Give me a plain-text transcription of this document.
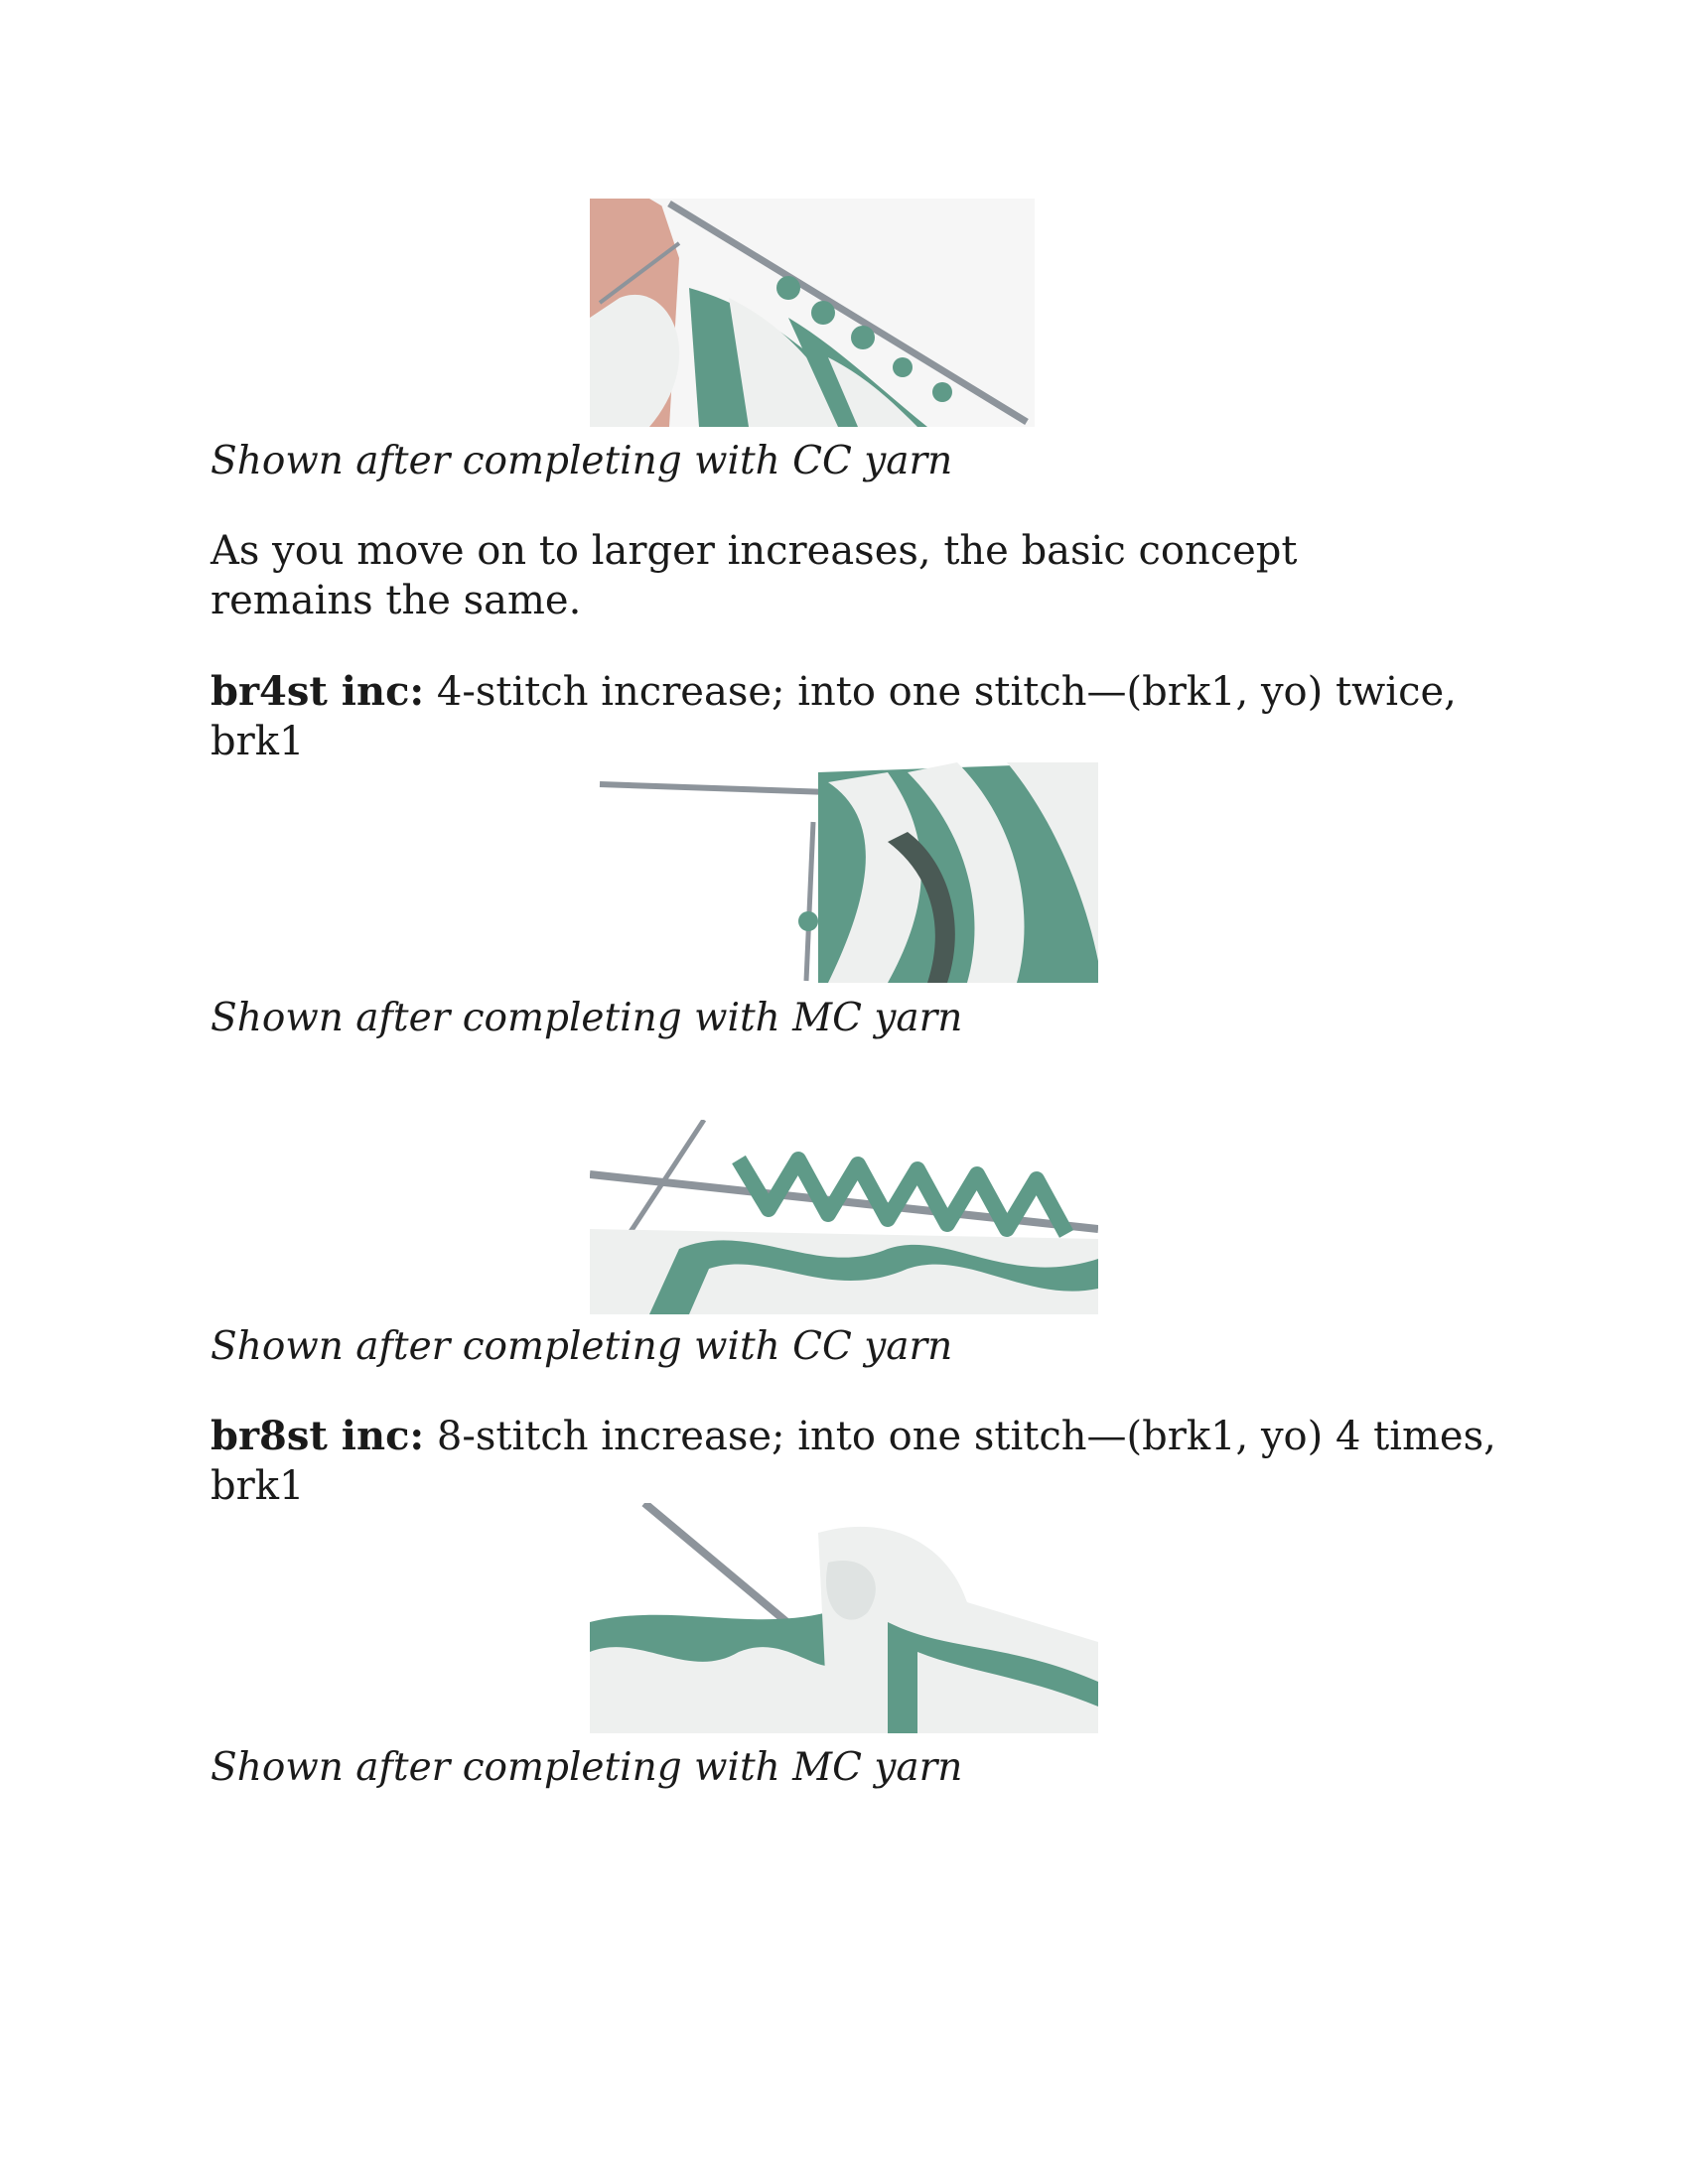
Shown after completing with CC yarn
As you move on to larger increases, the basic concept remains the same.
br4st inc: 4-stitch increase; into one stitch—(brk1, yo) twice, brk1
Shown after completing with MC yarn
Shown after completing with CC yarn
br8st inc: 8-stitch increase; into one stitch—(brk1, yo) 4 times, brk1
Shown after completing with MC yarn
